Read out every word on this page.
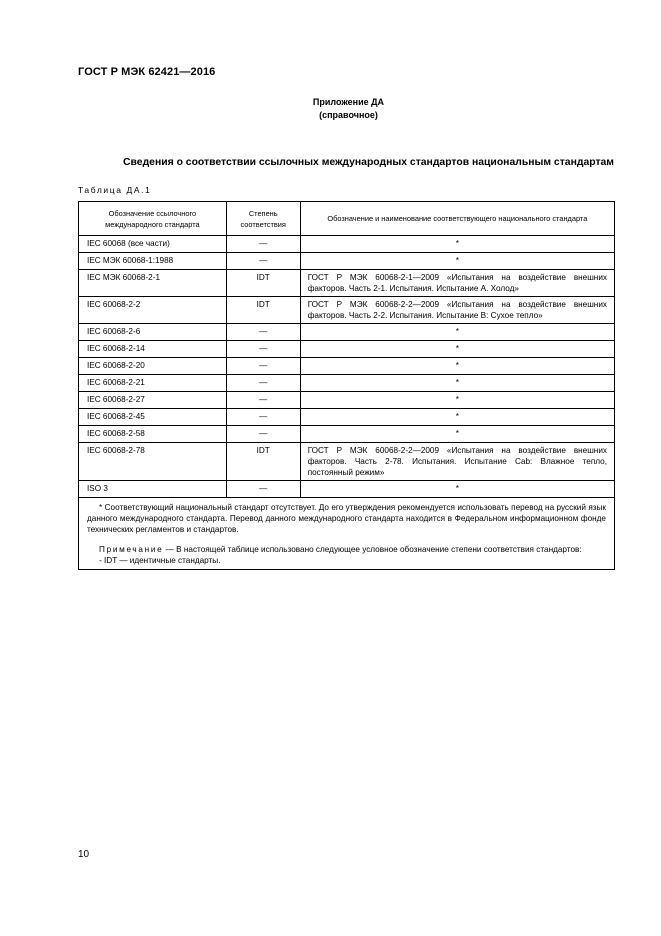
ГОСТ Р МЭК 62421—2016
Приложение ДА
(справочное)
Сведения о соответствии ссылочных международных стандартов национальным стандартам
Таблица ДА.1
Обозначение ссылочного международного стандарта	Степень соответствия	Обозначение и наименование соответствующего национального стандарта
IEC 60068 (все части)	—	*
IEC МЭК 60068-1:1988	—	*
IEC МЭК 60068-2-1	IDT	ГОСТ Р МЭК 60068-2-1—2009 «Испытания на воздействие внешних факторов. Часть 2-1. Испытания. Испытание А. Холод»
IEC 60068-2-2	IDT	ГОСТ Р МЭК 60068-2-2—2009 «Испытания на воздействие внешних факторов. Часть 2-2. Испытания. Испытание В: Сухое тепло»
IEC 60068-2-6	—	*
IEC 60068-2-14	—	*
IEC 60068-2-20	—	*
IEC 60068-2-21	—	*
IEC 60068-2-27	—	*
IEC 60068-2-45	—	*
IEC 60068-2-58	—	*
IEC 60068-2-78	IDT	ГОСТ Р МЭК 60068-2-2—2009 «Испытания на воздействие внешних факторов. Часть 2-78. Испытания. Испытание Cab: Влажное тепло, постоянный режим»
ISO 3	—	*

* Соответствующий национальный стандарт отсутствует. До его утверждения рекомендуется использовать перевод на русский язык данного международного стандарта. Перевод данного международного стандарта находится в Федеральном информационном фонде технических регламентов и стандартов.

Примечание — В настоящей таблице использовано следующее условное обозначение степени соответствия стандартов:

- IDT — идентичные стандарты.		

10
